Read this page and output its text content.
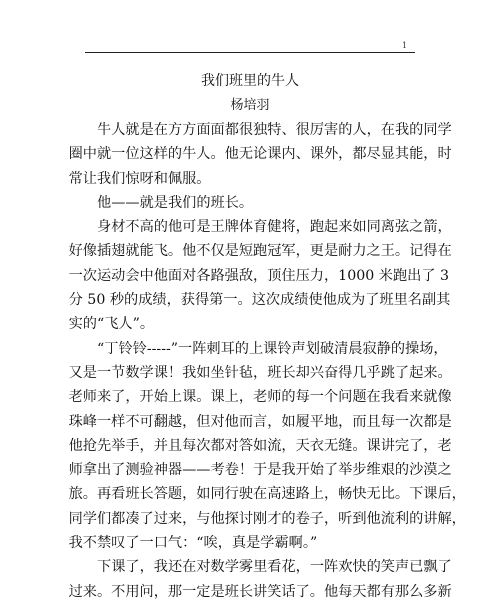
1
我们班里的牛人
杨培羽

牛人就是在方方面面都很独特、很厉害的人，在我的同学
圈中就一位这样的牛人。他无论课内、课外，都尽显其能，时
常让我们惊呀和佩服。

他——就是我们的班长。

身材不高的他可是王牌体育健将，跑起来如同离弦之箭，
好像插翅就能飞。他不仅是短跑冠军，更是耐力之王。记得在
一次运动会中他面对各路强敌，顶住压力，1000 米跑出了 3
分 50 秒的成绩，获得第一。这次成绩使他成为了班里名副其
实的“飞人”。

“丁铃铃-----”一阵刺耳的上课铃声划破清晨寂静的操场，
又是一节数学课！我如坐针毡，班长却兴奋得几乎跳了起来。
老师来了，开始上课。课上，老师的每一个问题在我看来就像
珠峰一样不可翻越，但对他而言，如履平地，而且每一次都是
他抢先举手，并且每次都对答如流，天衣无缝。课讲完了，老
师拿出了测验神器——考卷！于是我开始了举步维艰的沙漠之
旅。再看班长答题，如同行驶在高速路上，畅快无比。下课后，
同学们都凑了过来，与他探讨刚才的卷子，听到他流利的讲解，
我不禁叹了一口气：“唉，真是学霸啊。”

下课了，我还在对数学雾里看花，一阵欢快的笑声已飘了
过来。不用问，那一定是班长讲笑话了。他每天都有那么多新
